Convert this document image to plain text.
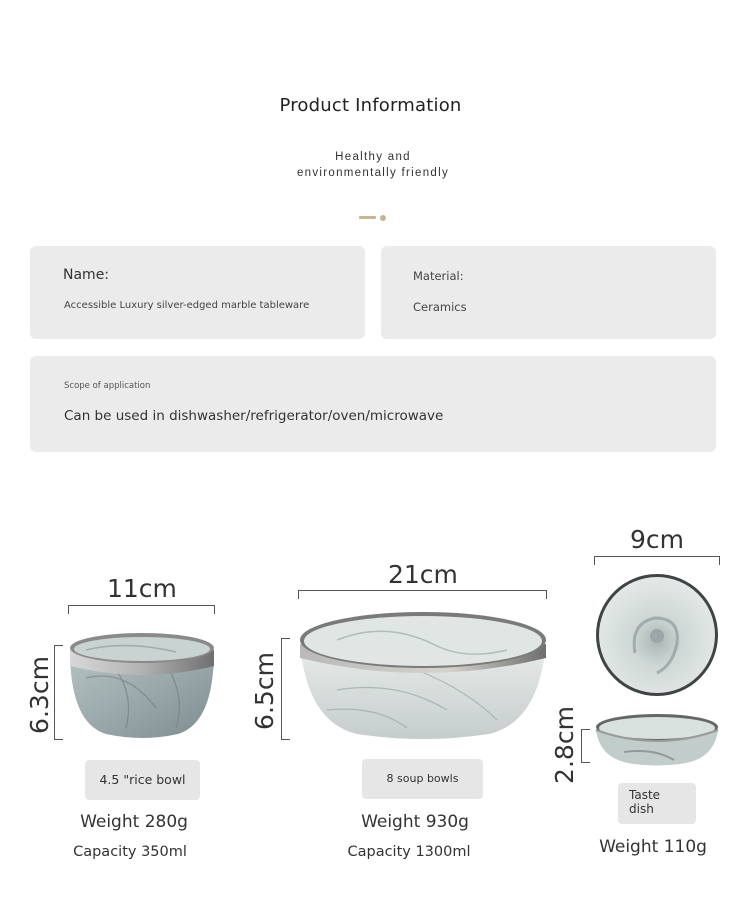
Product Information
Healthy and
environmentally friendly
Name:
Accessible Luxury silver-edged marble tableware
Material:
Ceramics
Scope of application
Can be used in dishwasher/refrigerator/oven/microwave
11cm
6.3cm
4.5 "rice bowl
Weight 280g
Capacity 350ml
21cm
6.5cm
8 soup bowls
Weight 930g
Capacity 1300ml
9cm
2.8cm
Taste
dish
Weight 110g
